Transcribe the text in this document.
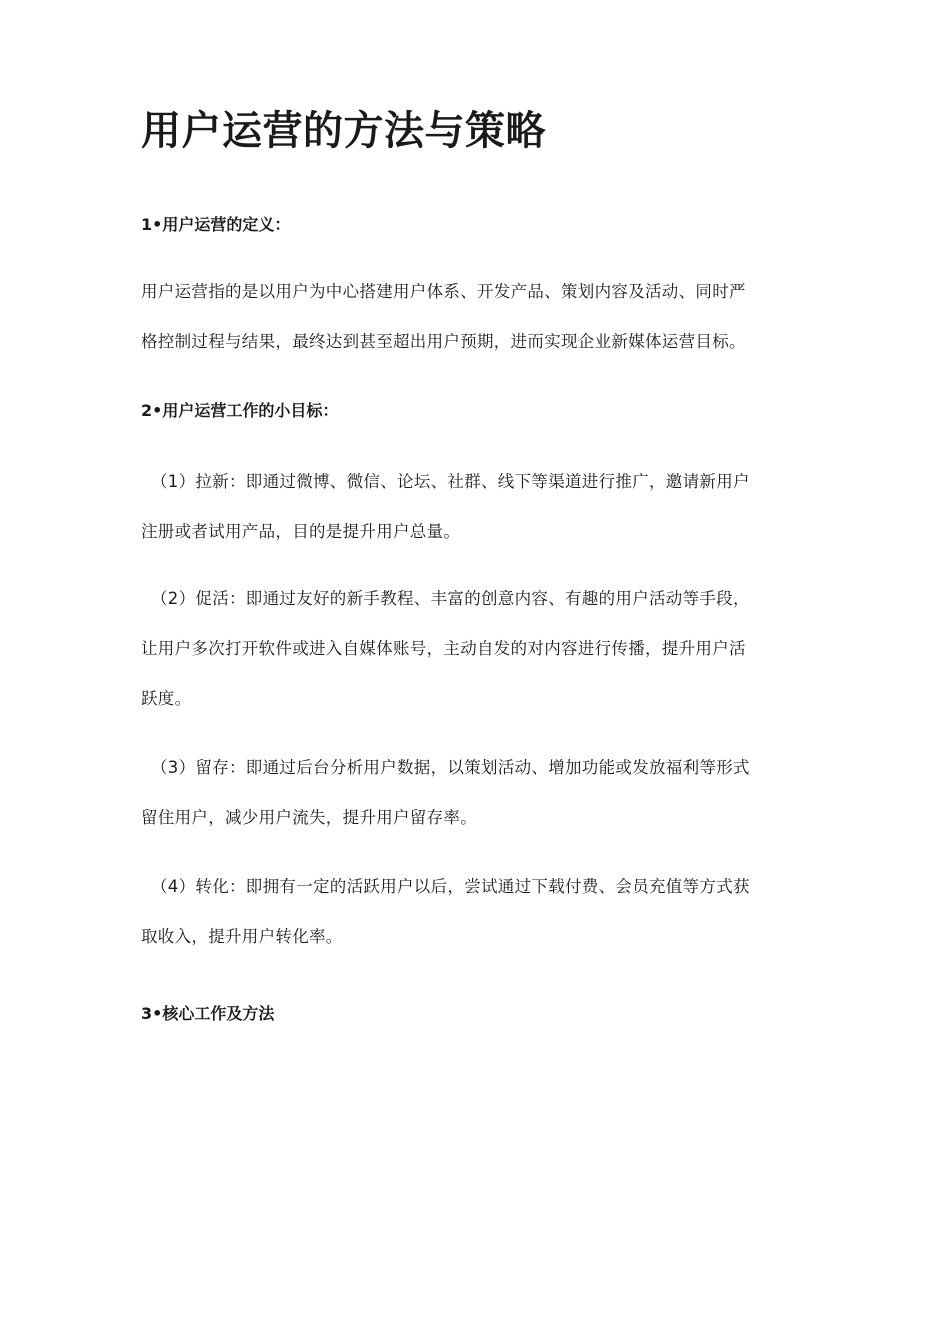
用户运营的方法与策略
1•用户运营的定义：

用户运营指的是以用户为中心搭建用户体系、开发产品、策划内容及活动、同时严
格控制过程与结果，最终达到甚至超出用户预期，进而实现企业新媒体运营目标。

2•用户运营工作的小目标：

（1）拉新：即通过微博、微信、论坛、社群、线下等渠道进行推广，邀请新用户
注册或者试用产品，目的是提升用户总量。

（2）促活：即通过友好的新手教程、丰富的创意内容、有趣的用户活动等手段，
让用户多次打开软件或进入自媒体账号，主动自发的对内容进行传播，提升用户活
跃度。

（3）留存：即通过后台分析用户数据，以策划活动、增加功能或发放福利等形式
留住用户，减少用户流失，提升用户留存率。

（4）转化：即拥有一定的活跃用户以后，尝试通过下载付费、会员充值等方式获
取收入，提升用户转化率。

3•核心工作及方法
